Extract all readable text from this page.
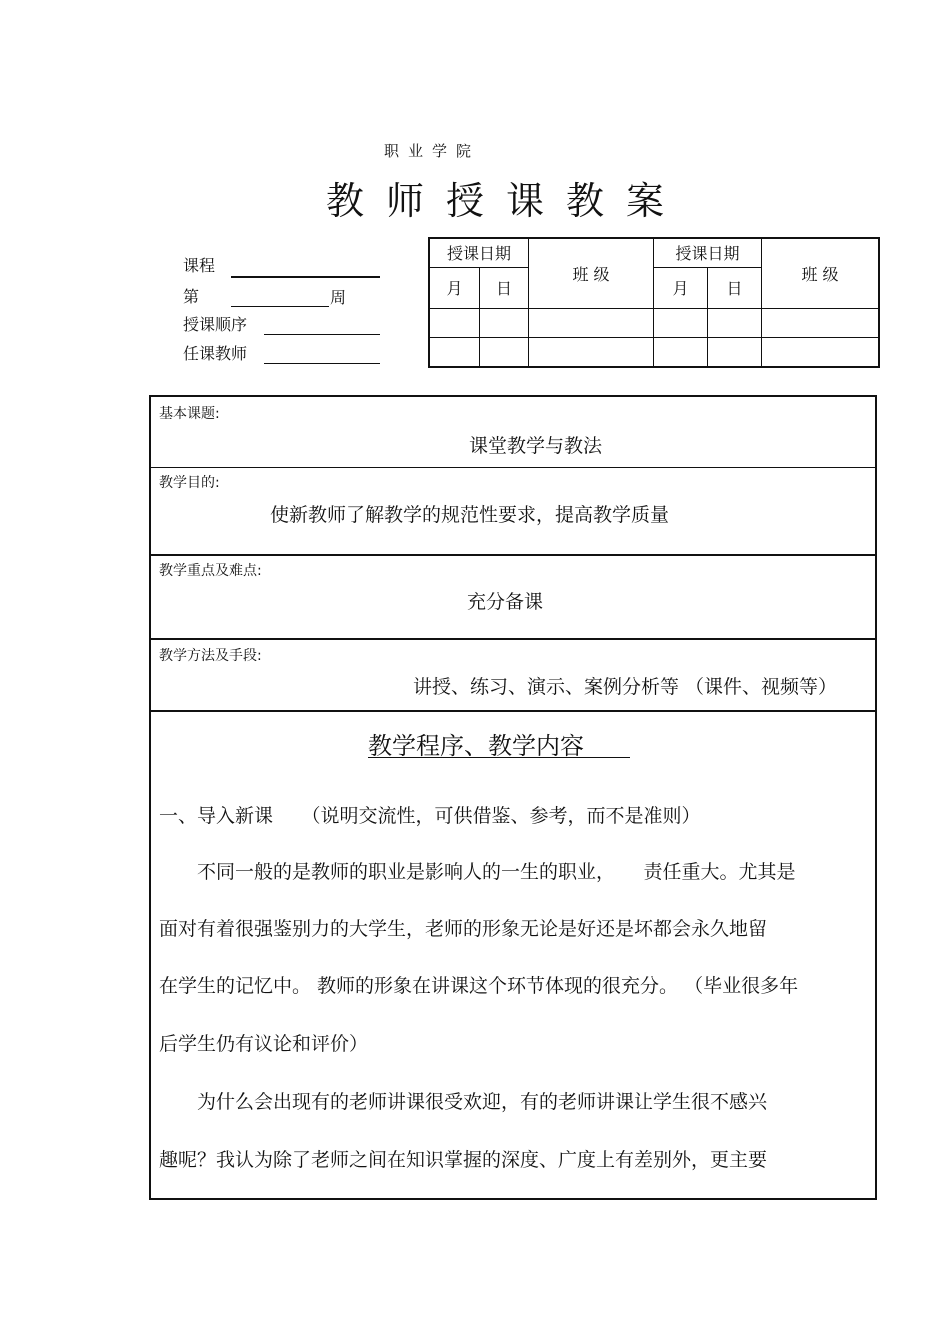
职业学院
教师授课教案
课程
第	周
授课顺序
任课教师
授课日期		班 级	授课日期		班 级
月	日		月	日	

基本课题:
课堂教学与教法
教学目的:
使新教师了解教学的规范性要求，提高教学质量
教学重点及难点:
充分备课
教学方法及手段:
讲授、练习、演示、案例分析等 （课件、视频等）
教学程序、教学内容
一、导入新课　　（说明交流性，可供借鉴、参考，而不是准则）
　　不同一般的是教师的职业是影响人的一生的职业，　　责任重大。尤其是
面对有着很强鉴别力的大学生，老师的形象无论是好还是坏都会永久地留
在学生的记忆中。 教师的形象在讲课这个环节体现的很充分。 （毕业很多年
后学生仍有议论和评价）
　　为什么会出现有的老师讲课很受欢迎，有的老师讲课让学生很不感兴
趣呢？我认为除了老师之间在知识掌握的深度、广度上有差别外，更主要
